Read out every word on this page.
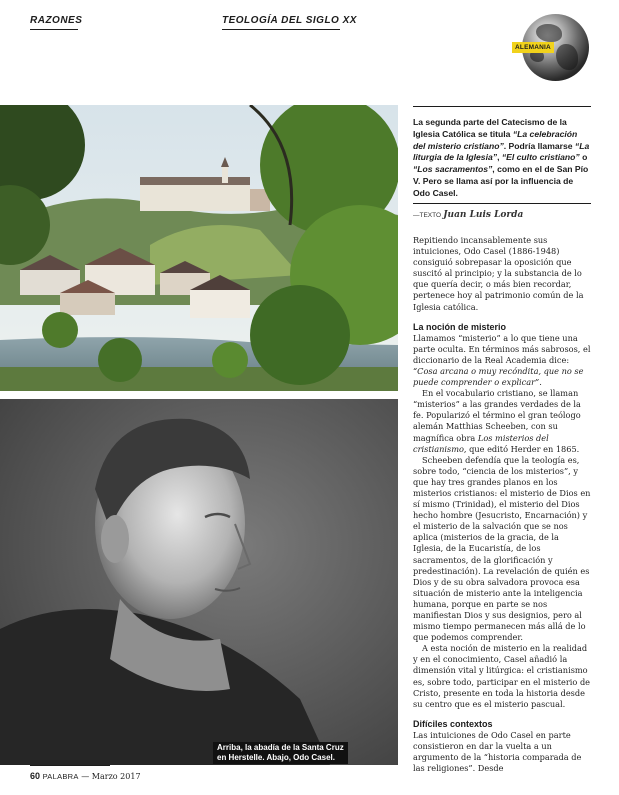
RAZONES	TEOLOGÍA DEL SIGLO XX
ALEMANIA
Arriba, la abadía de la Santa Cruz
en Herstelle. Abajo, Odo Casel.
La segunda parte del Catecismo de la Iglesia Católica se titula “La celebración del misterio cristiano”. Podría llamarse “La liturgia de la Iglesia”, “El culto cristiano” o “Los sacramentos”, como en el de San Pío V. Pero se llama así por la influencia de Odo Casel.
—TEXTO Juan Luis Lorda

Repitiendo incansablemente sus intuiciones, Odo Casel (1886-1948) consiguió sobrepasar la oposición que suscitó al principio; y la substancia de lo que quería decir, o más bien recordar, pertenece hoy al patrimonio común de la Iglesia católica.

La noción de misterio

Llamamos “misterio” a lo que tiene una parte oculta. En términos más sabrosos, el diccionario de la Real Academia dice: “Cosa arcana o muy recóndita, que no se puede comprender o explicar”.

En el vocabulario cristiano, se llaman “misterios” a las grandes verdades de la fe. Popularizó el término el gran teólogo alemán Matthias Scheeben, con su magnífica obra Los misterios del cristianismo, que editó Herder en 1865.

Scheeben defendía que la teología es, sobre todo, “ciencia de los misterios”, y que hay tres grandes planos en los misterios cristianos: el misterio de Dios en sí mismo (Trinidad), el misterio del Dios hecho hombre (Jesucristo, Encarnación) y el misterio de la salvación que se nos aplica (misterios de la gracia, de la Iglesia, de la Eucaristía, de los sacramentos, de la glorificación y predestinación). La revelación de quién es Dios y de su obra salvadora provoca esa situación de misterio ante la inteligencia humana, porque en parte se nos manifiestan Dios y sus designios, pero al mismo tiempo permanecen más allá de lo que podemos comprender.

A esta noción de misterio en la realidad y en el conocimiento, Casel añadió la dimensión vital y litúrgica: el cristianismo es, sobre todo, participar en el misterio de Cristo, presente en toda la historia desde su centro que es el misterio pascual.

Difíciles contextos

Las intuiciones de Odo Casel en parte consistieron en dar la vuelta a un argumento de la “historia comparada de las religiones”. Desde

60 PALABRA — Marzo 2017
